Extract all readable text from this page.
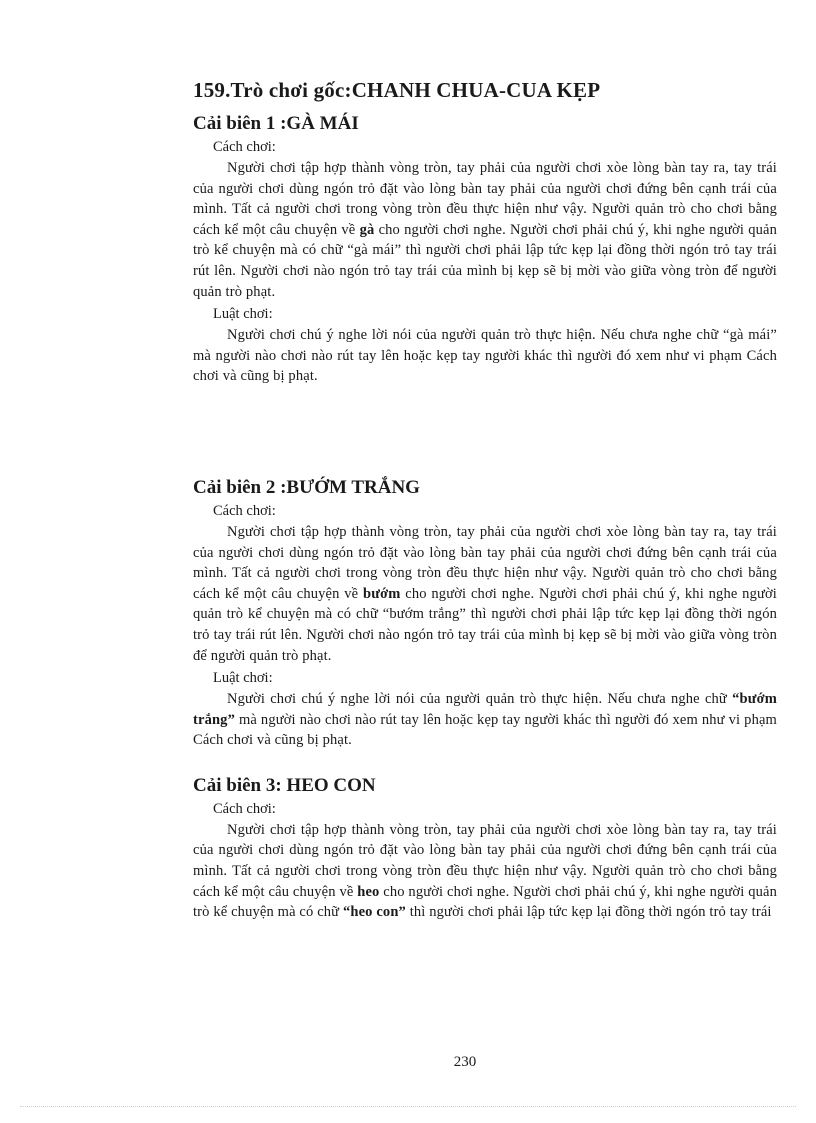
159.Trò chơi gốc:CHANH CHUA-CUA KẸP
Cải biên 1 :GÀ MÁI
Cách chơi:

Người chơi tập hợp thành vòng tròn, tay phải của người chơi xòe lòng bàn tay ra, tay trái của người chơi dùng ngón trỏ đặt vào lòng bàn tay phải của người chơi đứng bên cạnh trái của mình. Tất cả người chơi trong vòng tròn đều thực hiện như vậy. Người quản trò cho chơi bằng cách kể một câu chuyện về gà cho người chơi nghe. Người chơi phải chú ý, khi nghe người quản trò kể chuyện mà có chữ “gà mái” thì người chơi phải lập tức kẹp lại đồng thời ngón trỏ tay trái rút lên. Người chơi nào ngón trỏ tay trái của mình bị kẹp sẽ bị mời vào giữa vòng tròn để người quản trò phạt.

Luật chơi:

Người chơi chú ý nghe lời nói của người quản trò thực hiện. Nếu chưa nghe chữ “gà mái” mà người nào chơi nào rút tay lên hoặc kẹp tay người khác thì người đó xem như vi phạm Cách chơi và cũng bị phạt.

Cải biên 2 :BƯỚM TRẮNG
Cách chơi:

Người chơi tập hợp thành vòng tròn, tay phải của người chơi xòe lòng bàn tay ra, tay trái của người chơi dùng ngón trỏ đặt vào lòng bàn tay phải của người chơi đứng bên cạnh trái của mình. Tất cả người chơi trong vòng tròn đều thực hiện như vậy. Người quản trò cho chơi bằng cách kể một câu chuyện về bướm cho người chơi nghe. Người chơi phải chú ý, khi nghe người quản trò kể chuyện mà có chữ “bướm trắng” thì người chơi phải lập tức kẹp lại đồng thời ngón trỏ tay trái rút lên. Người chơi nào ngón trỏ tay trái của mình bị kẹp sẽ bị mời vào giữa vòng tròn để người quản trò phạt.

Luật chơi:

Người chơi chú ý nghe lời nói của người quản trò thực hiện. Nếu chưa nghe chữ “bướm trắng” mà người nào chơi nào rút tay lên hoặc kẹp tay người khác thì người đó xem như vi phạm Cách chơi và cũng bị phạt.

Cải biên 3: HEO CON
Cách chơi:

Người chơi tập hợp thành vòng tròn, tay phải của người chơi xòe lòng bàn tay ra, tay trái của người chơi dùng ngón trỏ đặt vào lòng bàn tay phải của người chơi đứng bên cạnh trái của mình. Tất cả người chơi trong vòng tròn đều thực hiện như vậy. Người quản trò cho chơi bằng cách kể một câu chuyện về heo cho người chơi nghe. Người chơi phải chú ý, khi nghe người quản trò kể chuyện mà có chữ “heo con” thì người chơi phải lập tức kẹp lại đồng thời ngón trỏ tay trái

230
